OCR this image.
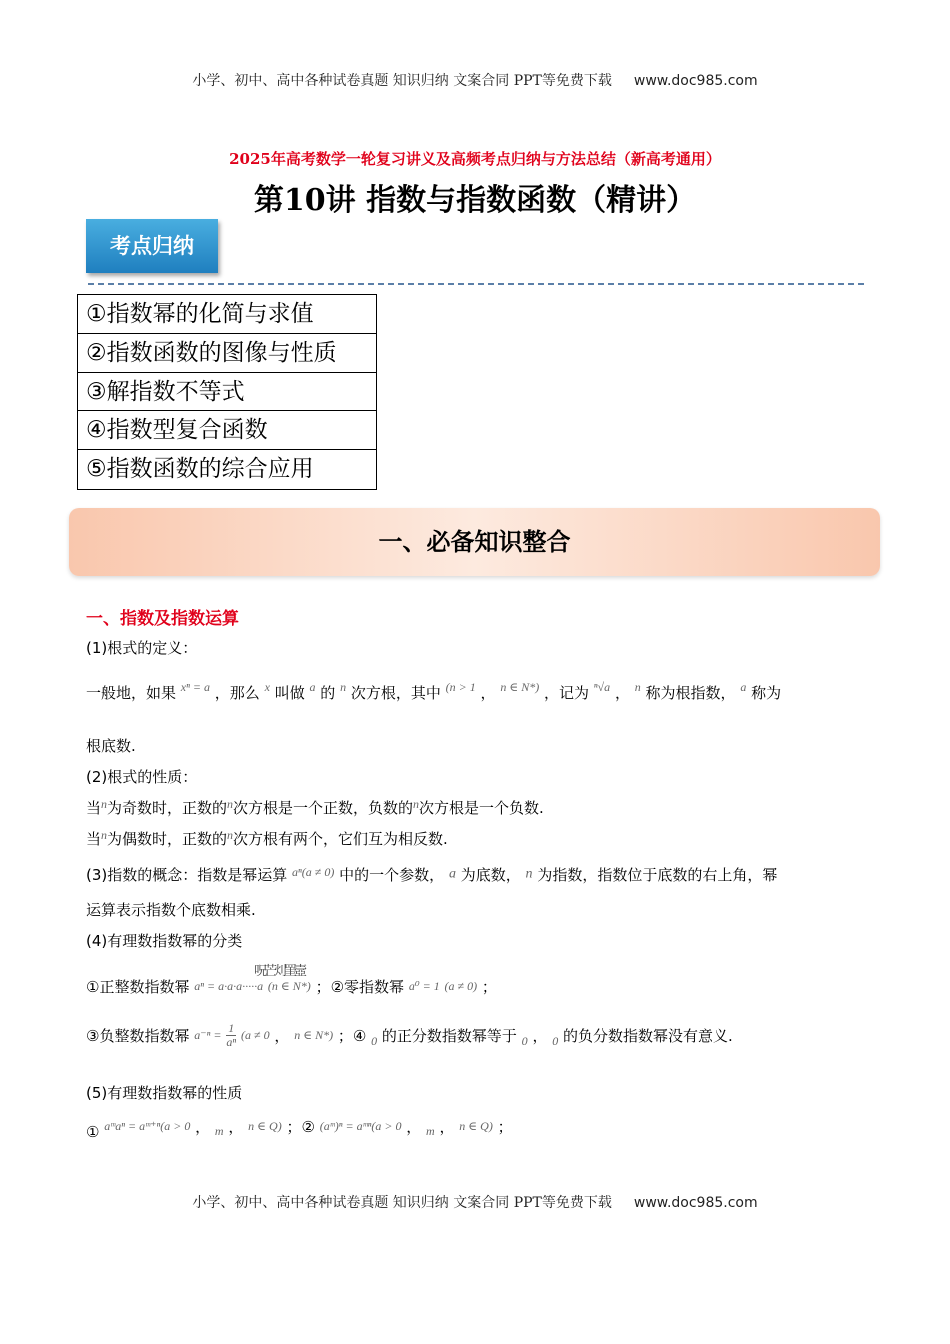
小学、初中、高中各种试卷真题 知识归纳 文案合同 PPT等免费下载 www.doc985.com
2025年高考数学一轮复习讲义及高频考点归纳与方法总结（新高考通用）
第10讲 指数与指数函数（精讲）
考点归纳
①指数幂的化简与求值
②指数函数的图像与性质
③解指数不等式
④指数型复合函数
⑤指数函数的综合应用
一、必备知识整合
一、指数及指数运算
(1)根式的定义：
一般地，如果 $^{x^n = a}$ ，那么 $^x$ 叫做 $^a$ 的 $^n$ 次方根，其中 $^{(n > 1}$ ， $^{n \in N*)}$ ，记为 $^{^n√a}$ ， $^n$ 称为根指数， $^a$ 称为
根底数.
(2)根式的性质：
当$^n$为奇数时，正数的$^n$次方根是一个正数，负数的$^n$次方根是一个负数.
当$^n$为偶数时，正数的$^n$次方根有两个，它们互为相反数.
(3)指数的概念：指数是幂运算 $^{a^n(a \ne 0)}$ 中的一个参数， a 为底数， n 为指数，指数位于底数的右上角，幂
运算表示指数个底数相乘.
(4)有理数指数幂的分类
呪芒灲罣壼
①正整数指数幂 aⁿ = a·a·a·····a (n ∈ N*) ；②零指数幂 a⁰ = 1 (a ≠ 0) ；
③负整数指数幂 $a^{-n} = \frac{1}{\text{aⁿ}} (a \ne 0$ ， n ∈ N*) ；④ $_0$ 的正分数指数幂等于 $_0$ ， $_0$ 的负分数指数幂没有意义.
(5)有理数指数幂的性质
① aᵐaⁿ = aᵐ⁺ⁿ(a > 0 ， $_m$ ， n ∈ Q) ；② (aᵐ)ⁿ = aᵐⁿ(a > 0 ， $_m$ ， n ∈ Q) ；
小学、初中、高中各种试卷真题 知识归纳 文案合同 PPT等免费下载 www.doc985.com
